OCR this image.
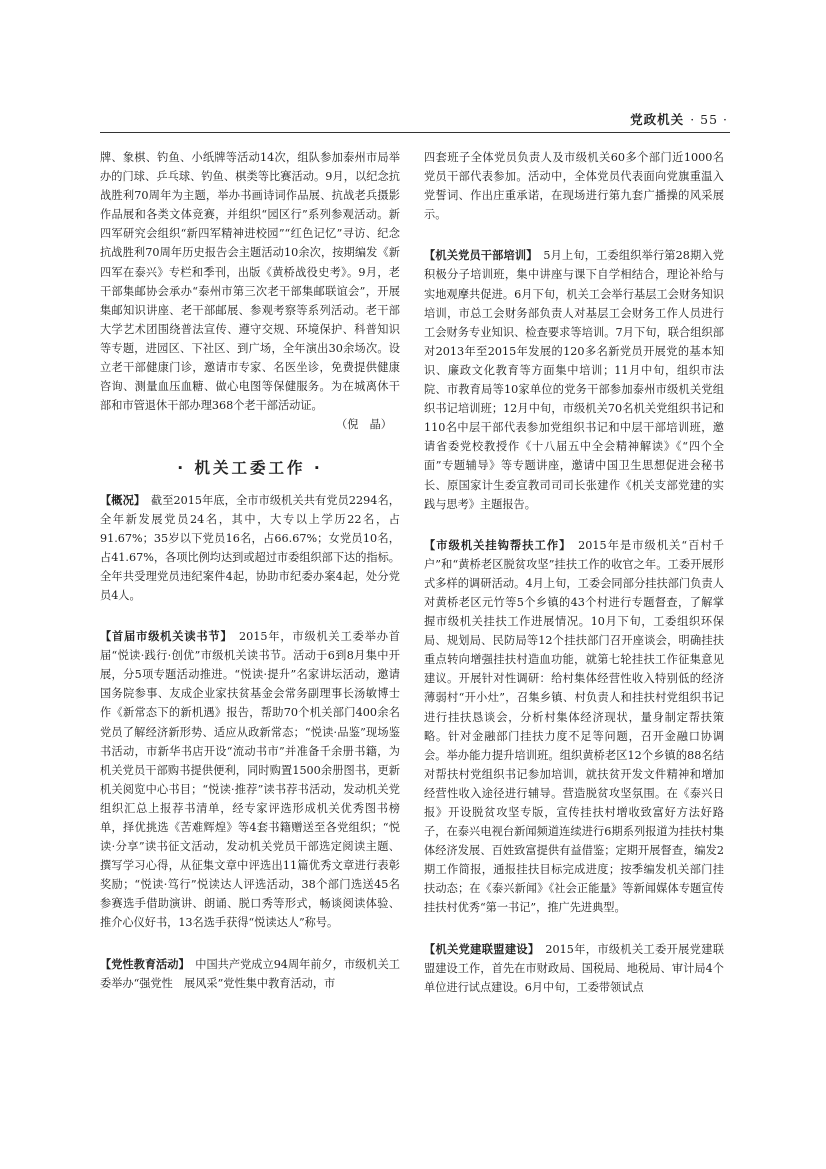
党政机关 · 55 ·

牌、象棋、钓鱼、小纸牌等活动14次，组队参加泰州市局举办的门球、乒乓球、钓鱼、棋类等比赛活动。9月，以纪念抗战胜利70周年为主题，举办书画诗词作品展、抗战老兵摄影作品展和各类文体竞赛，并组织“园区行”系列参观活动。新四军研究会组织“新四军精神进校园”“红色记忆”寻访、纪念抗战胜利70周年历史报告会主题活动10余次，按期编发《新四军在泰兴》专栏和季刊，出版《黄桥战役史考》。9月，老干部集邮协会承办“泰州市第三次老干部集邮联谊会”，开展集邮知识讲座、老干部邮展、参观考察等系列活动。老干部大学艺术团围绕普法宣传、遵守交规、环境保护、科普知识等专题，进园区、下社区、到广场，全年演出30余场次。设立老干部健康门诊，邀请市专家、名医坐诊，免费提供健康咨询、测量血压血糖、做心电图等保健服务。为在城离休干部和市管退休干部办理368个老干部活动证。

（倪　晶）

· 机关工委工作 ·

【概况】　截至2015年底，全市市级机关共有党员2294名，全年新发展党员24名，其中，大专以上学历22名，占91.67%；35岁以下党员16名，占66.67%；女党员10名，占41.67%，各项比例均达到或超过市委组织部下达的指标。全年共受理党员违纪案件4起，协助市纪委办案4起，处分党员4人。

【首届市级机关读书节】　2015年，市级机关工委举办首届“悦读·践行·创优”市级机关读书节。活动于6到8月集中开展，分5项专题活动推进。“悦读·提升”名家讲坛活动，邀请国务院参事、友成企业家扶贫基金会常务副理事长汤敏博士作《新常态下的新机遇》报告，帮助70个机关部门400余名党员了解经济新形势、适应从政新常态；“悦读·品鉴”现场鉴书活动，市新华书店开设“流动书市”并准备千余册书籍，为机关党员干部购书提供便利，同时购置1500余册图书，更新机关阅览中心书目；“悦读·推荐”读书荐书活动，发动机关党组织汇总上报荐书清单，经专家评选形成机关优秀图书榜单，择优挑选《苦难辉煌》等4套书籍赠送至各党组织；“悦读·分享”读书征文活动，发动机关党员干部选定阅读主题、撰写学习心得，从征集文章中评选出11篇优秀文章进行表彰奖励；“悦读·笃行”悦读达人评选活动，38个部门选送45名参赛选手借助演讲、朗诵、脱口秀等形式，畅谈阅读体验、推介心仪好书，13名选手获得“悦读达人”称号。

【党性教育活动】　中国共产党成立94周年前夕，市级机关工委举办“强党性　展风采”党性集中教育活动，市

四套班子全体党员负责人及市级机关60多个部门近1000名党员干部代表参加。活动中，全体党员代表面向党旗重温入党誓词、作出庄重承诺，在现场进行第九套广播操的风采展示。

【机关党员干部培训】　5月上旬，工委组织举行第28期入党积极分子培训班，集中讲座与课下自学相结合，理论补给与实地观摩共促进。6月下旬，机关工会举行基层工会财务知识培训，市总工会财务部负责人对基层工会财务工作人员进行工会财务专业知识、检查要求等培训。7月下旬，联合组织部对2013年至2015年发展的120多名新党员开展党的基本知识、廉政文化教育等方面集中培训；11月中旬，组织市法院、市教育局等10家单位的党务干部参加泰州市级机关党组织书记培训班；12月中旬，市级机关70名机关党组织书记和110名中层干部代表参加党组织书记和中层干部培训班，邀请省委党校教授作《十八届五中全会精神解读》《“四个全面”专题辅导》等专题讲座，邀请中国卫生思想促进会秘书长、原国家计生委宣教司司司长张建作《机关支部党建的实践与思考》主题报告。

【市级机关挂钩帮扶工作】　2015年是市级机关“百村千户”和“黄桥老区脱贫攻坚”挂扶工作的收官之年。工委开展形式多样的调研活动。4月上旬，工委会同部分挂扶部门负责人对黄桥老区元竹等5个乡镇的43个村进行专题督查，了解掌握市级机关挂扶工作进展情况。10月下旬，工委组织环保局、规划局、民防局等12个挂扶部门召开座谈会，明确挂扶重点转向增强挂扶村造血功能，就第七轮挂扶工作征集意见建议。开展针对性调研：给村集体经营性收入特别低的经济薄弱村“开小灶”，召集乡镇、村负责人和挂扶村党组织书记进行挂扶恳谈会，分析村集体经济现状，量身制定帮扶策略。针对金融部门挂扶力度不足等问题，召开金融口协调会。举办能力提升培训班。组织黄桥老区12个乡镇的88名结对帮扶村党组织书记参加培训，就扶贫开发文件精神和增加经营性收入途径进行辅导。营造脱贫攻坚氛围。在《泰兴日报》开设脱贫攻坚专版，宣传挂扶村增收致富好方法好路子，在泰兴电视台新闻频道连续进行6期系列报道为挂扶村集体经济发展、百姓致富提供有益借鉴；定期开展督查，编发2期工作简报，通报挂扶目标完成进度；按季编发机关部门挂扶动态；在《泰兴新闻》《社会正能量》等新闻媒体专题宣传挂扶村优秀“第一书记”，推广先进典型。

【机关党建联盟建设】　2015年，市级机关工委开展党建联盟建设工作，首先在市财政局、国税局、地税局、审计局4个单位进行试点建设。6月中旬，工委带领试点
